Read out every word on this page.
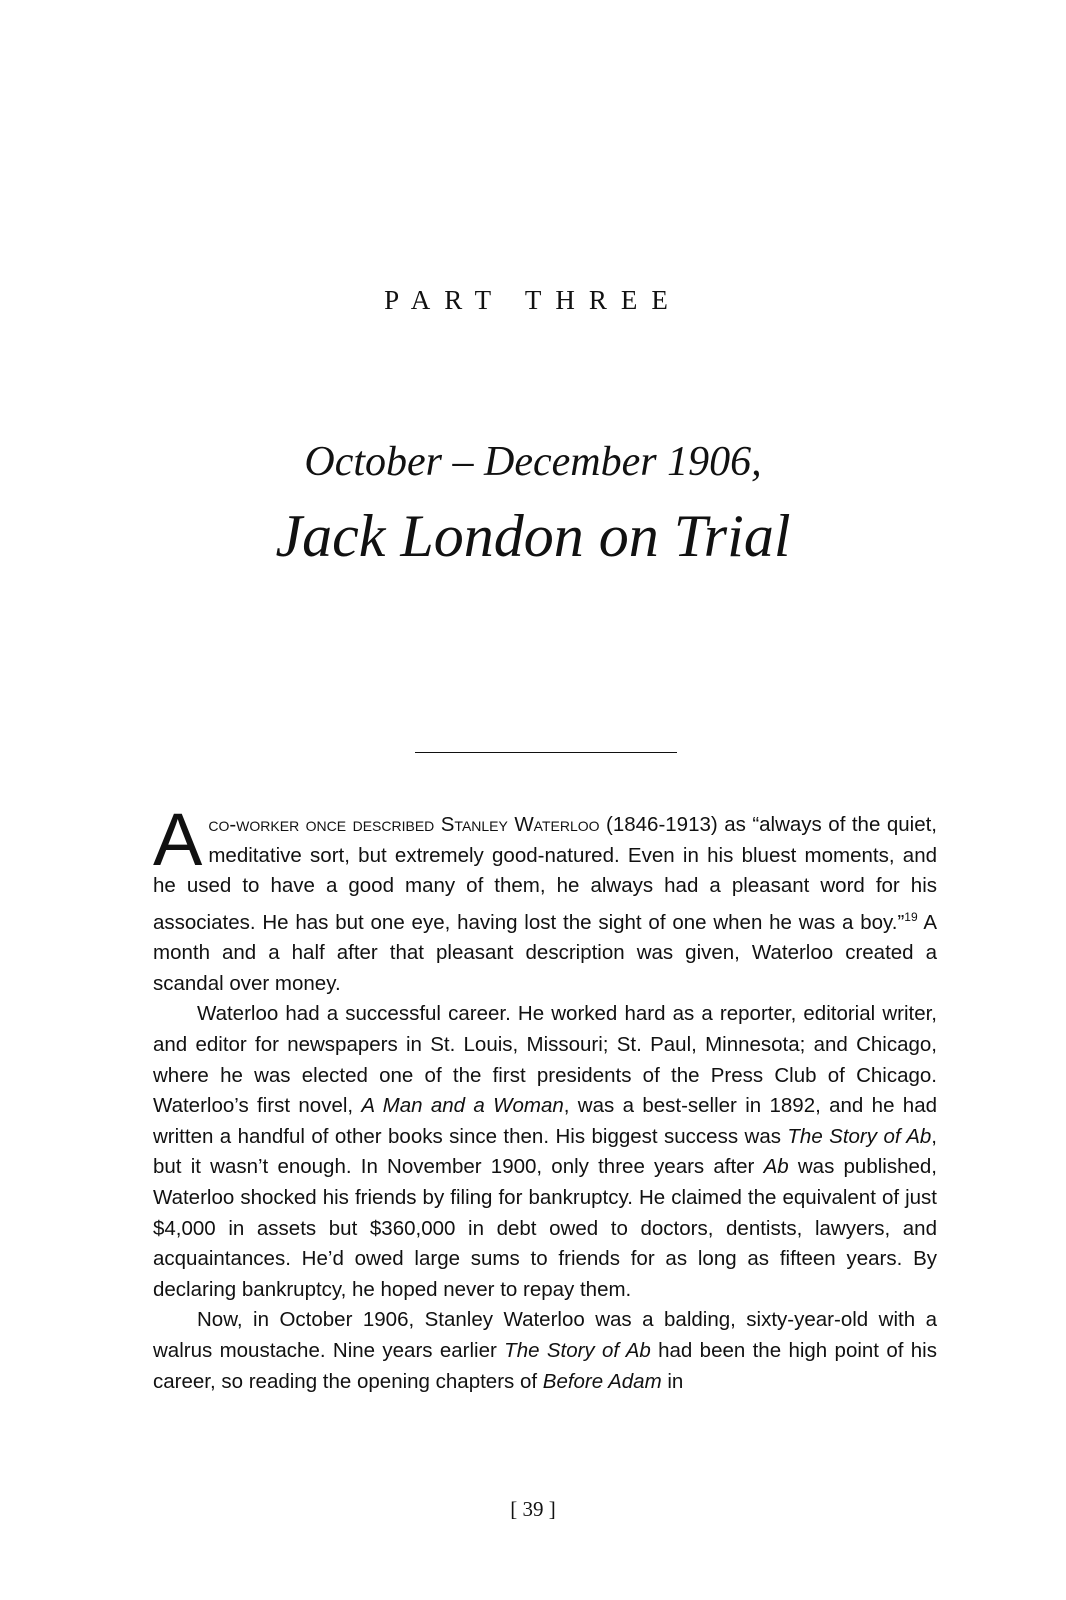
PART THREE
October – December 1906,
Jack London on Trial

Aco-worker once described Stanley Waterloo (1846-1913) as “always of the quiet, meditative sort, but extremely good-natured. Even in his bluest moments, and he used to have a good many of them, he always had a pleasant word for his associates. He has but one eye, having lost the sight of one when he was a boy.”$^{19}$ A month and a half after that pleasant description was given, Waterloo created a scandal over money.

Waterloo had a successful career. He worked hard as a reporter, editorial writer, and editor for newspapers in St. Louis, Missouri; St. Paul, Minnesota; and Chicago, where he was elected one of the first presidents of the Press Club of Chicago. Waterloo’s first novel, A Man and a Woman, was a best-seller in 1892, and he had written a handful of other books since then. His biggest success was The Story of Ab, but it wasn’t enough. In November 1900, only three years after Ab was published, Waterloo shocked his friends by filing for bankruptcy. He claimed the equivalent of just $4,000 in assets but $360,000 in debt owed to doctors, dentists, lawyers, and acquaintances. He’d owed large sums to friends for as long as fifteen years. By declaring bankruptcy, he hoped never to repay them.

Now, in October 1906, Stanley Waterloo was a balding, sixty-year-old with a walrus moustache. Nine years earlier The Story of Ab had been the high point of his career, so reading the opening chapters of Before Adam in

[ 39 ]
